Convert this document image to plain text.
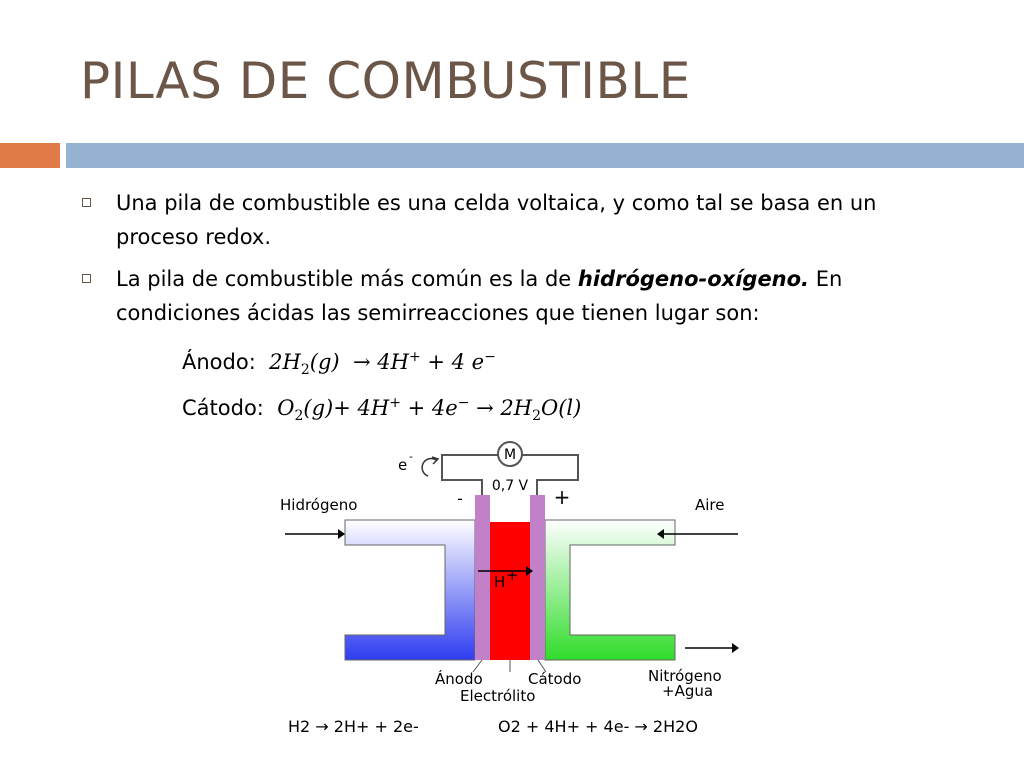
PILAS DE COMBUSTIBLE
Una pila de combustible es una celda voltaica, y como tal se basa en un proceso redox.
La pila de combustible más común es la de hidrógeno-oxígeno. En condiciones ácidas las semirreacciones que tienen lugar son:
Ánodo:  $2H_2(g) \to 4H^+ + 4$ e−
Cátodo: $O_2(g)+ 4H^+ + 4e^- \to 2H_2O(l)$
M
0,7 V
-	+
e -
Hidrógeno	Aire
Nitrógeno
+Agua
H +
Ánodo	Cátodo
Electrólito
H2 → 2H+ + 2e-	O2 + 4H+ + 4e- → 2H2O
